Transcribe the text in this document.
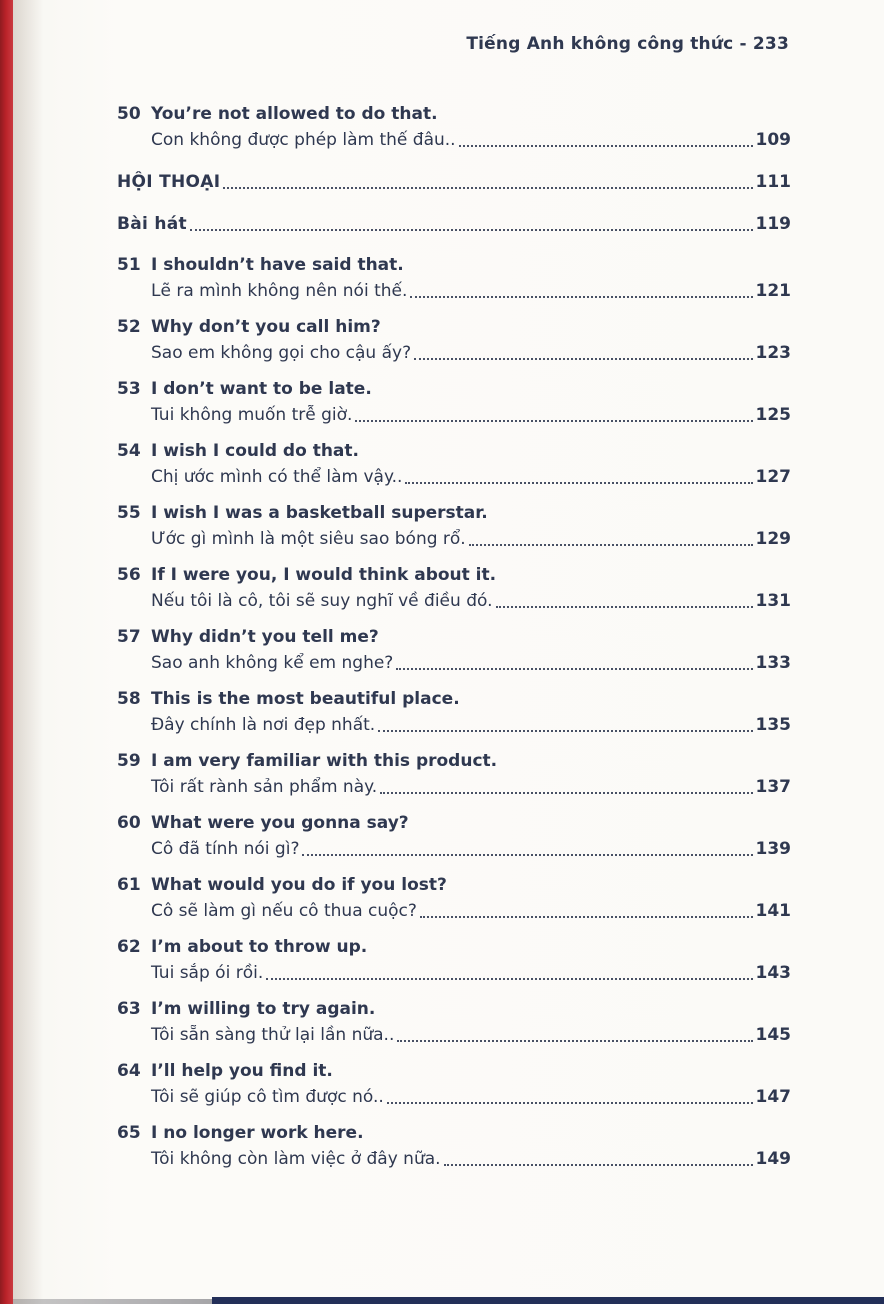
Tiếng Anh không công thức - 233
50 You’re not allowed to do that.
Con không được phép làm thế đâu..	109
HỘI THOẠI	111
Bài hát	119
51 I shouldn’t have said that.
Lẽ ra mình không nên nói thế.	121
52 Why don’t you call him?
Sao em không gọi cho cậu ấy?	123
53 I don’t want to be late.
Tui không muốn trễ giờ.	125
54 I wish I could do that.
Chị ước mình có thể làm vậy..	127
55 I wish I was a basketball superstar.
Ước gì mình là một siêu sao bóng rổ.	129
56 If I were you, I would think about it.
Nếu tôi là cô, tôi sẽ suy nghĩ về điều đó.	131
57 Why didn’t you tell me?
Sao anh không kể em nghe?	133
58 This is the most beautiful place.
Đây chính là nơi đẹp nhất.	135
59 I am very familiar with this product.
Tôi rất rành sản phẩm này.	137
60 What were you gonna say?
Cô đã tính nói gì?	139
61 What would you do if you lost?
Cô sẽ làm gì nếu cô thua cuộc?	141
62 I’m about to throw up.
Tui sắp ói rồi.	143
63 I’m willing to try again.
Tôi sẵn sàng thử lại lần nữa..	145
64 I’ll help you find it.
Tôi sẽ giúp cô tìm được nó..	147
65 I no longer work here.
Tôi không còn làm việc ở đây nữa.	149
